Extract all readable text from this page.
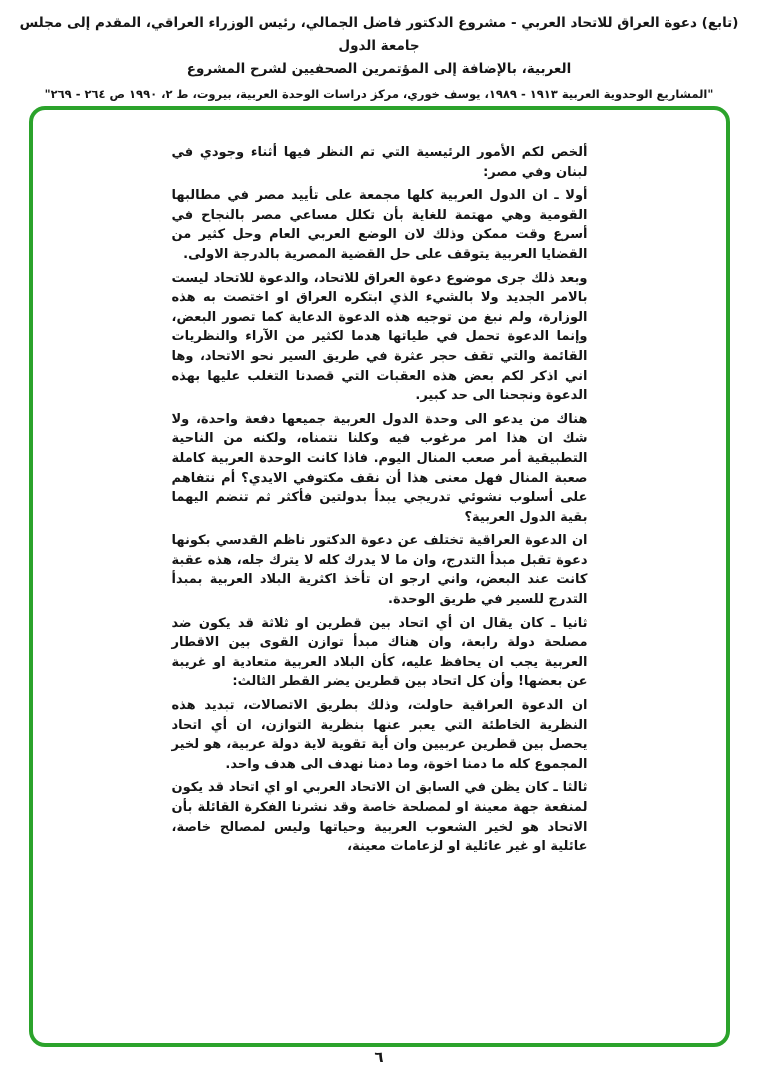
(تابع) دعوة العراق للاتحاد العربي - مشروع الدكتور فاضل الجمالي، رئيس الوزراء العراقي، المقدم إلى مجلس جامعة الدول
العربية، بالإضافة إلى المؤتمرين الصحفيين لشرح المشروع
"المشاريع الوحدوية العربية ١٩١٣ - ١٩٨٩، يوسف خوري، مركز دراسات الوحدة العربية، بيروت، ط ٢، ١٩٩٠ ص ٢٦٤ - ٢٦٩"

ألخص لكم الأمور الرئيسية التي تم النظر فيها أثناء وجودي في لبنان وفي مصر:

أولا ـ ان الدول العربية كلها مجمعة على تأييد مصر في مطالبها القومية وهي مهتمة للغاية بأن تكلل مساعي مصر بالنجاح في أسرع وقت ممكن وذلك لان الوضع العربي العام وحل كثير من القضايا العربية يتوقف على حل القضية المصرية بالدرجة الاولى.

وبعد ذلك جرى موضوع دعوة العراق للاتحاد، والدعوة للاتحاد ليست بالامر الجديد ولا بالشيء الذي ابتكره العراق او اختصت به هذه الوزارة، ولم نبغ من توجيه هذه الدعوة الدعاية كما تصور البعض، وإنما الدعوة تحمل في طياتها هدما لكثير من الآراء والنظريات القائمة والتي تقف حجر عثرة في طريق السير نحو الاتحاد، وها اني اذكر لكم بعض هذه العقبات التي قصدنا التغلب عليها بهذه الدعوة ونجحنا الى حد كبير.

هناك من يدعو الى وحدة الدول العربية جميعها دفعة واحدة، ولا شك ان هذا امر مرغوب فيه وكلنا نتمناه، ولكنه من الناحية التطبيقية أمر صعب المنال اليوم. فاذا كانت الوحدة العربية كاملة صعبة المنال فهل معنى هذا أن نقف مكتوفي الايدي؟ أم نتفاهم على أسلوب نشوئي تدريجي يبدأ بدولتين فأكثر ثم تنضم اليهما بقية الدول العربية؟

ان الدعوة العراقية تختلف عن دعوة الدكتور ناظم القدسي بكونها دعوة تقبل مبدأ التدرج، وان ما لا يدرك كله لا يترك جله، هذه عقبة كانت عند البعض، واني ارجو ان تأخذ اكثرية البلاد العربية بمبدأ التدرج للسير في طريق الوحدة.

ثانيا ـ كان يقال ان أي اتحاد بين قطرين او ثلاثة قد يكون ضد مصلحة دولة رابعة، وان هناك مبدأ توازن القوى بين الاقطار العربية يجب ان يحافظ عليه، كأن البلاد العربية متعادية او غريبة عن بعضها! وأن كل اتحاد بين قطرين يضر القطر الثالث:

ان الدعوة العراقية حاولت، وذلك بطريق الاتصالات، تبديد هذه النظرية الخاطئة التي يعبر عنها بنظرية التوازن، ان أي اتحاد يحصل بين قطرين عربيين وان أية تقوية لاية دولة عربية، هو لخير المجموع كله ما دمنا اخوة، وما دمنا نهدف الى هدف واحد.

ثالثا ـ كان يظن في السابق ان الاتحاد العربي او اي اتحاد قد يكون لمنفعة جهة معينة او لمصلحة خاصة وقد نشرنا الفكرة القائلة بأن الاتحاد هو لخير الشعوب العربية وحياتها وليس لمصالح خاصة، عائلية او غير عائلية او لزعامات معينة،

٦
